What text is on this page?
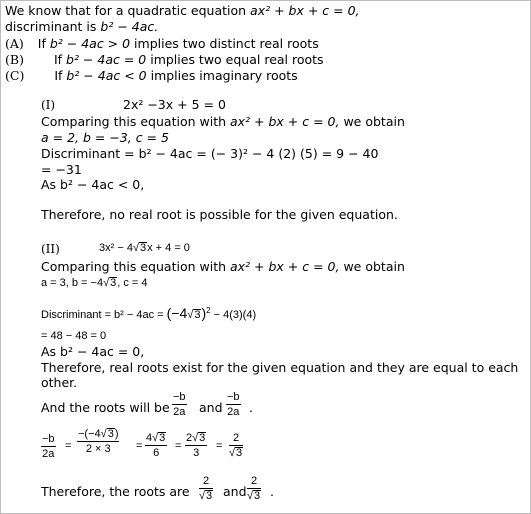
We know that for a quadratic equation ax² + bx + c = 0,
discriminant is b² − 4ac.
(A) If b² − 4ac > 0 implies two distinct real roots
(B) If b² − 4ac = 0 implies two equal real roots
(C) If b² − 4ac < 0 implies imaginary roots
(I)	2x² −3x + 5 = 0
Comparing this equation with ax² + bx + c = 0, we obtain
a = 2, b = −3, c = 5
Discriminant = b² − 4ac = (− 3)² − 4 (2) (5) = 9 − 40
= −31
As b² − 4ac < 0,
Therefore, no real root is possible for the given equation.
(II)	3x² − 4√3x + 4 = 0
Comparing this equation with ax² + bx + c = 0, we obtain
a = 3, b = −4√3, c = 4
Discriminant = $b^2 - 4ac = (-4√3)^2 - 4(3)(4)$
= 48 − 48 = 0
As b² − 4ac = 0,
Therefore, real roots exist for the given equation and they are equal to each
other.
And the roots will be
−b
2a and
−b
2a .
−b
2a
=
−(−4√3)
2 × 3	=
4√3
6
=
2√3
3
=
2
√3
Therefore, the roots are
2
√3 and
2
√3 .
